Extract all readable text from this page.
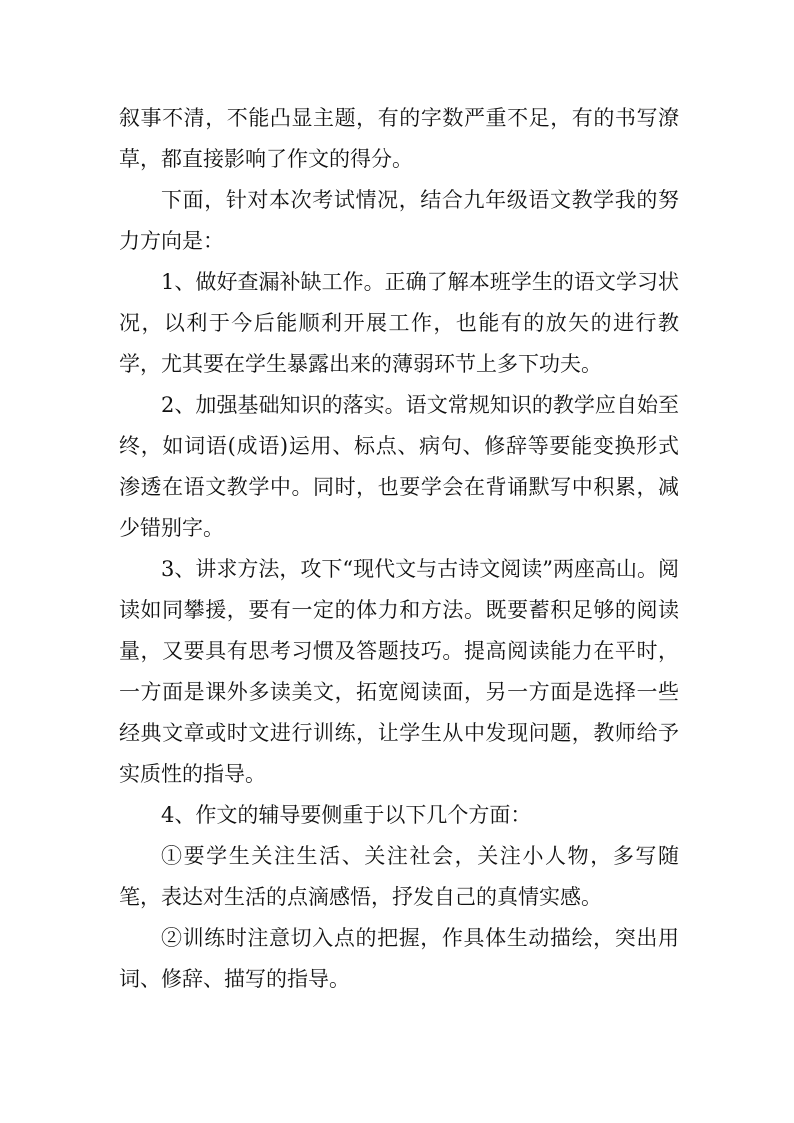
叙事不清，不能凸显主题，有的字数严重不足，有的书写潦草，都直接影响了作文的得分。

下面，针对本次考试情况，结合九年级语文教学我的努力方向是：

1、做好查漏补缺工作。正确了解本班学生的语文学习状况，以利于今后能顺利开展工作，也能有的放矢的进行教学，尤其要在学生暴露出来的薄弱环节上多下功夫。

2、加强基础知识的落实。语文常规知识的教学应自始至终，如词语(成语)运用、标点、病句、修辞等要能变换形式渗透在语文教学中。同时，也要学会在背诵默写中积累，减少错别字。

3、讲求方法，攻下“现代文与古诗文阅读”两座高山。阅读如同攀援，要有一定的体力和方法。既要蓄积足够的阅读量，又要具有思考习惯及答题技巧。提高阅读能力在平时，一方面是课外多读美文，拓宽阅读面，另一方面是选择一些经典文章或时文进行训练，让学生从中发现问题，教师给予实质性的指导。

4、作文的辅导要侧重于以下几个方面：

①要学生关注生活、关注社会，关注小人物，多写随笔，表达对生活的点滴感悟，抒发自己的真情实感。

②训练时注意切入点的把握，作具体生动描绘，突出用词、修辞、描写的指导。
